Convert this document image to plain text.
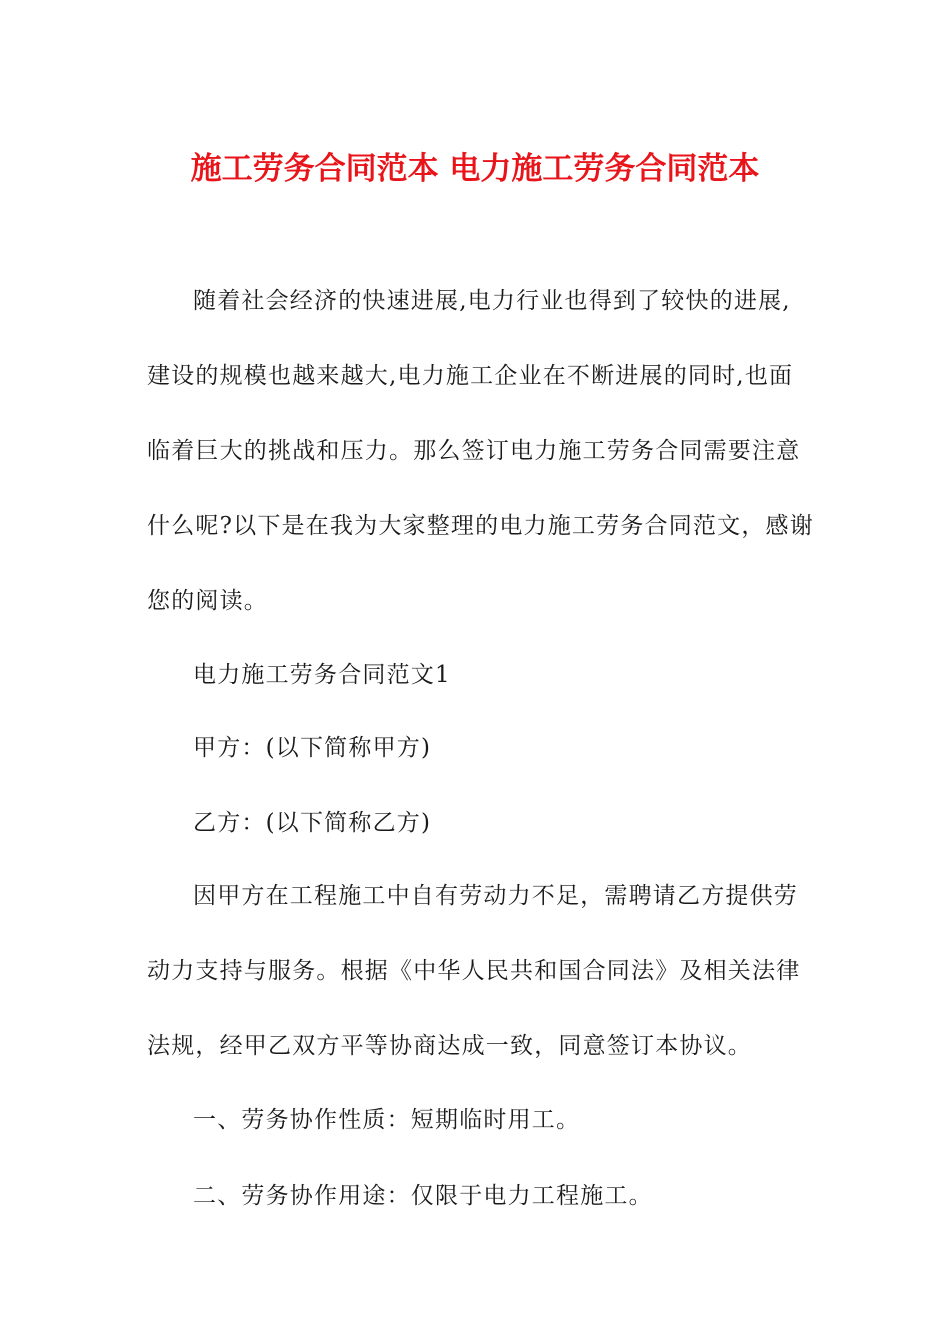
施工劳务合同范本 电力施工劳务合同范本
随着社会经济的快速进展,电力行业也得到了较快的进展,
建设的规模也越来越大,电力施工企业在不断进展的同时,也面
临着巨大的挑战和压力。那么签订电力施工劳务合同需要注意
什么呢?以下是在我为大家整理的电力施工劳务合同范文，感谢
您的阅读。
电力施工劳务合同范文1
甲方：(以下简称甲方)
乙方：(以下简称乙方)
因甲方在工程施工中自有劳动力不足，需聘请乙方提供劳
动力支持与服务。根据《中华人民共和国合同法》及相关法律
法规，经甲乙双方平等协商达成一致，同意签订本协议。
一、劳务协作性质：短期临时用工。
二、劳务协作用途：仅限于电力工程施工。
